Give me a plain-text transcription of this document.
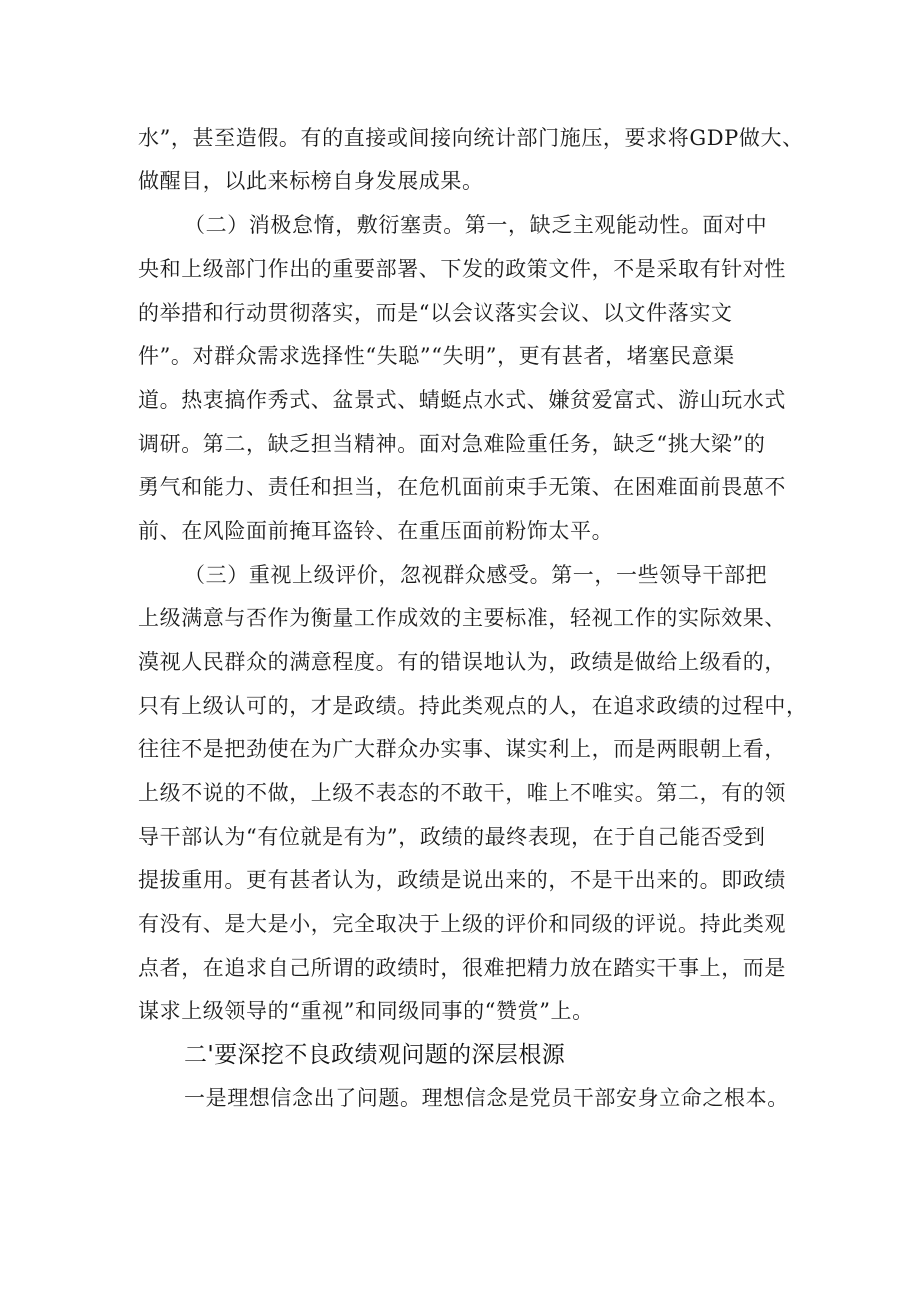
水”，甚至造假。有的直接或间接向统计部门施压，要求将GDP做大、
做醒目，以此来标榜自身发展成果。
（二）消极怠惰，敷衍塞责。第一，缺乏主观能动性。面对中
央和上级部门作出的重要部署、下发的政策文件，不是采取有针对性
的举措和行动贯彻落实，而是“以会议落实会议、以文件落实文
件”。对群众需求选择性“失聪”“失明”，更有甚者，堵塞民意渠
道。热衷搞作秀式、盆景式、蜻蜓点水式、嫌贫爱富式、游山玩水式
调研。第二，缺乏担当精神。面对急难险重任务，缺乏“挑大梁”的
勇气和能力、责任和担当，在危机面前束手无策、在困难面前畏葸不
前、在风险面前掩耳盗铃、在重压面前粉饰太平。
（三）重视上级评价，忽视群众感受。第一，一些领导干部把
上级满意与否作为衡量工作成效的主要标准，轻视工作的实际效果、
漠视人民群众的满意程度。有的错误地认为，政绩是做给上级看的，
只有上级认可的，才是政绩。持此类观点的人，在追求政绩的过程中，
往往不是把劲使在为广大群众办实事、谋实利上，而是两眼朝上看，
上级不说的不做，上级不表态的不敢干，唯上不唯实。第二，有的领
导干部认为“有位就是有为”，政绩的最终表现，在于自己能否受到
提拔重用。更有甚者认为，政绩是说出来的，不是干出来的。即政绩
有没有、是大是小，完全取决于上级的评价和同级的评说。持此类观
点者，在追求自己所谓的政绩时，很难把精力放在踏实干事上，而是
谋求上级领导的“重视”和同级同事的“赞赏”上。
二'要深挖不良政绩观问题的深层根源
一是理想信念出了问题。理想信念是党员干部安身立命之根本。
